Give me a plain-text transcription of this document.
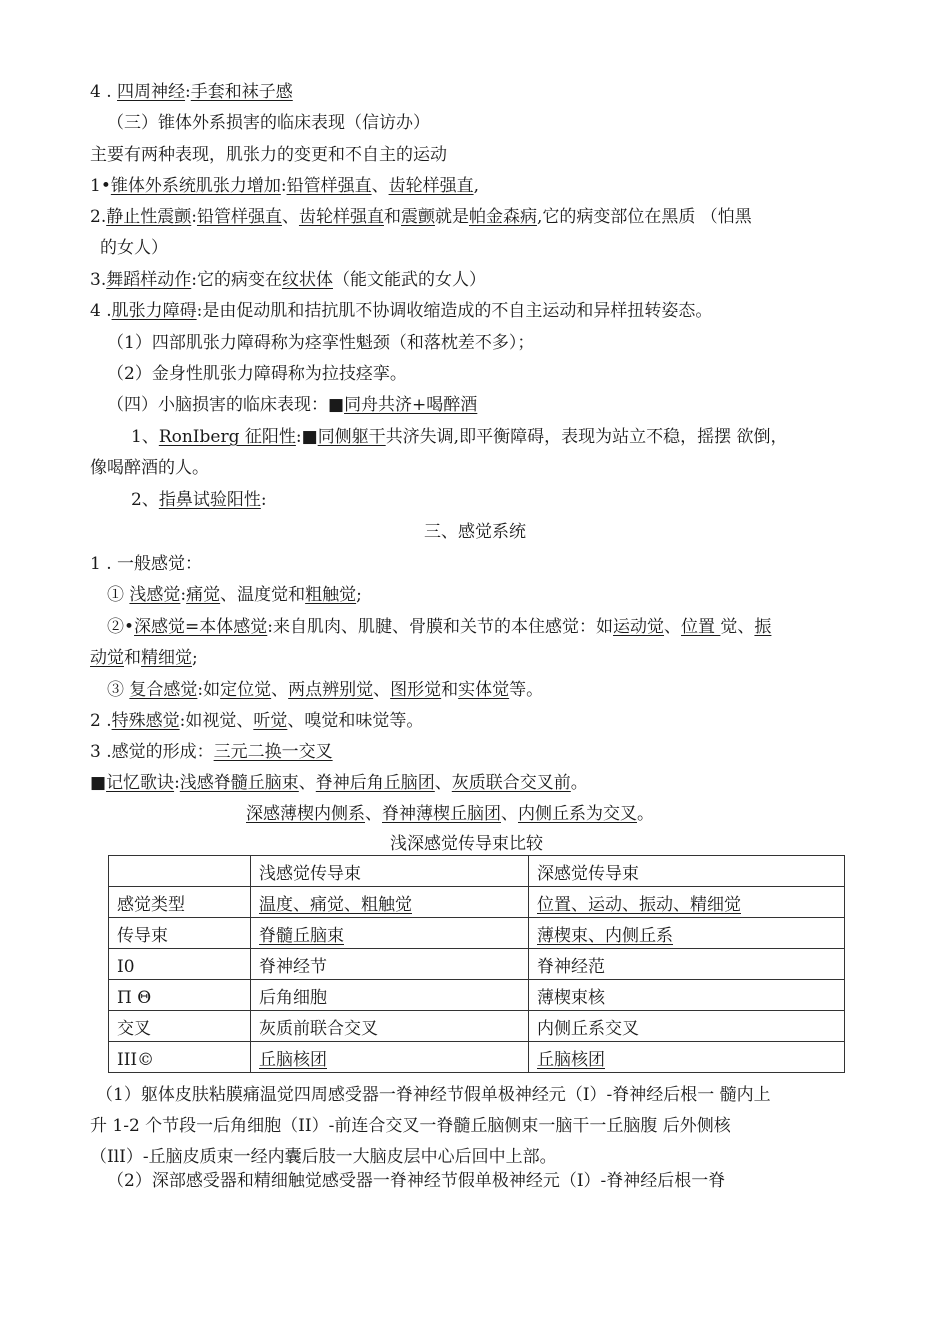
4 . 四周神经:手套和袜子感
（三）锥体外系损害的临床表现（信访办）
主要有两种表现，肌张力的变更和不自主的运动
1•锥体外系统肌张力增加:铅管样强直、齿轮样强直,
2.静止性震颤:铅管样强直、齿轮样强直和震颤就是帕金森病,它的病变部位在黑质 （怕黑
的女人）
3.舞蹈样动作:它的病变在纹状体（能文能武的女人）
4 .肌张力障碍:是由促动肌和拮抗肌不协调收缩造成的不自主运动和异样扭转姿态。
（1）四部肌张力障碍称为痉挛性魁颈（和落枕差不多）；
（2）金身性肌张力障碍称为拉技痉挛。
（四）小脑损害的临床表现：■同舟共济+喝醉酒
1、RonIberg 征阳性:■同侧躯干共济失调,即平衡障碍，表现为站立不稳，摇摆 欲倒，
像喝醉酒的人。
2、指鼻试验阳性:
三、感觉系统
1 . 一般感觉：
① 浅感觉:痛觉、温度觉和粗触觉;
②•深感觉=本体感觉:来自肌肉、肌腱、骨膜和关节的本住感觉：如运动觉、位置 觉、振
动觉和精细觉;
③ 复合感觉:如定位觉、两点辨别觉、图形觉和实体觉等。
2 .特殊感觉:如视觉、听觉、嗅觉和味觉等。
3 .感觉的形成：三元二换一交叉
■记忆歌诀:浅感脊髓丘脑束、脊神后角丘脑团、灰质联合交叉前。
深感薄楔内侧系、脊神薄楔丘脑团、内侧丘系为交叉。
浅深感觉传导束比较
	浅感觉传导束	深感觉传导束
感觉类型	温度、痛觉、粗触觉	位置、运动、振动、精细觉
传导束	脊髓丘脑束	薄楔束、内侧丘系
I0	脊神经节	脊神经范
Π Θ	后角细胞	薄楔束核
交叉	灰质前联合交叉	内侧丘系交叉
III©	丘脑核团	丘脑核团
（1）躯体皮肤粘膜痛温觉四周感受器一脊神经节假单极神经元（I）-脊神经后根一 髓内上
升 1-2 个节段一后角细胞（II）-前连合交叉一脊髓丘脑侧束一脑干一丘脑腹 后外侧核
（IlI）-丘脑皮质束一经内囊后肢一大脑皮层中心后回中上部。
（2）深部感受器和精细触觉感受器一脊神经节假单极神经元（I）-脊神经后根一脊
